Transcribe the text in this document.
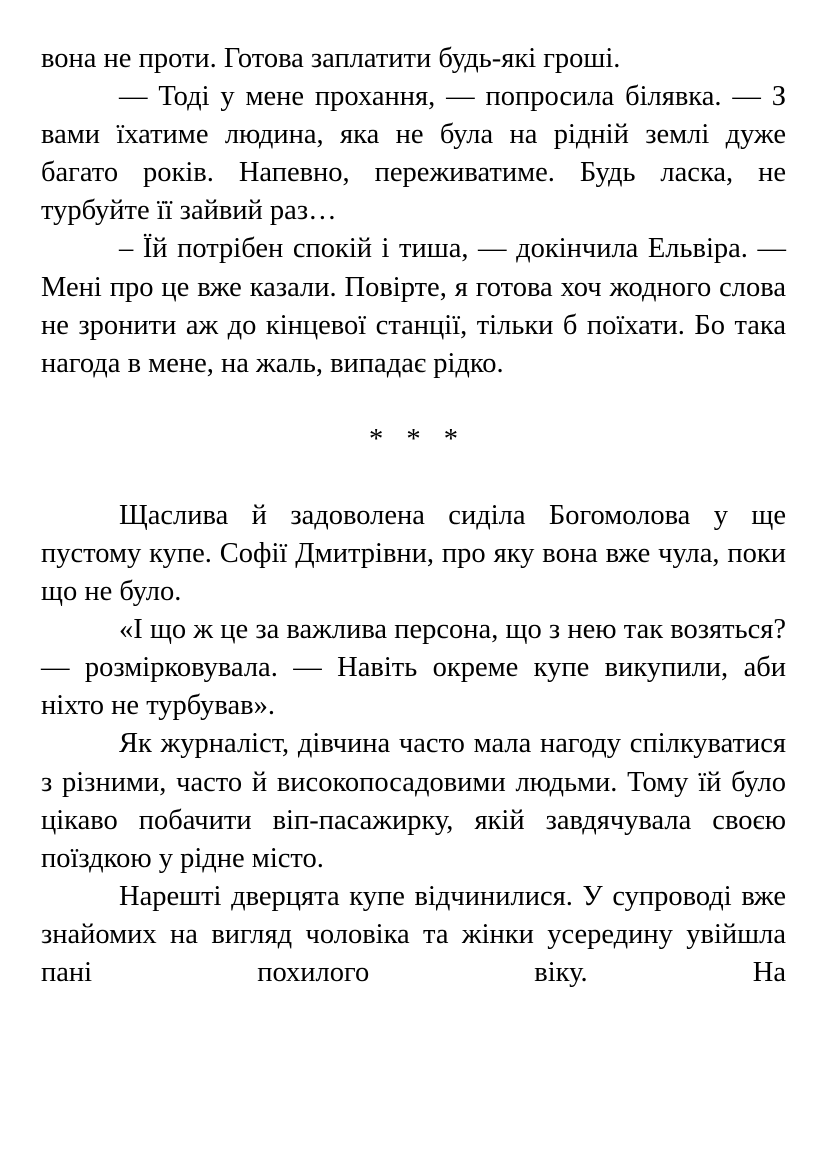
вона не проти. Готова заплатити будь-які гроші.

— Тоді у мене прохання, — попросила білявка. — З вами їхатиме людина, яка не була на рідній землі дуже багато років. Напевно, переживатиме. Будь ласка, не турбуйте її зайвий раз…

– Їй потрібен спокій і тиша, — докінчила Ельвіра. — Мені про це вже казали. Повірте, я готова хоч жодного слова не зронити аж до кінцевої станції, тільки б поїхати. Бо така нагода в мене, на жаль, випадає рідко.

* * *

Щаслива й задоволена сиділа Богомолова у ще пустому купе. Софії Дмитрівни, про яку вона вже чула, поки що не було.

«І що ж це за важлива персона, що з нею так возяться? — розмірковувала. — Навіть окреме купе викупили, аби ніхто не турбував».

Як журналіст, дівчина часто мала нагоду спілкуватися з різними, часто й високопосадовими людьми. Тому їй було цікаво побачити віп-пасажирку, якій завдячувала своєю поїздкою у рідне місто.

Нарешті дверцята купе відчинилися. У супроводі вже знайомих на вигляд чоловіка та жінки усередину увійшла пані похилого віку. На
